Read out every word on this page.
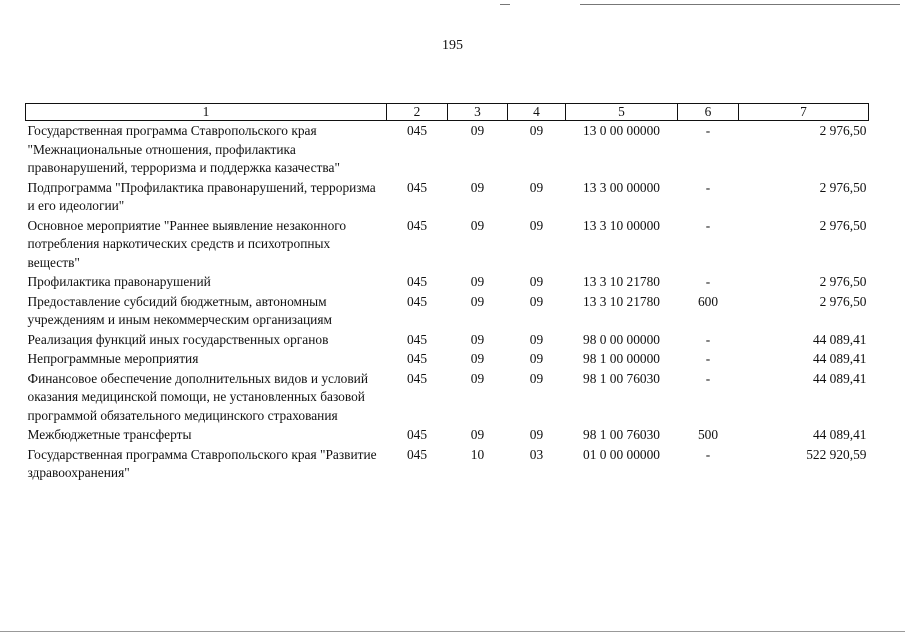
195
1	2	3	4	5	6	7
Государственная программа Ставропольского края "Межнациональные отношения, профилактика правонарушений, терроризма и поддержка казачества"	045	09	09	13 0 00 00000	-	2 976,50
Подпрограмма "Профилактика правонарушений, терроризма и его идеологии"	045	09	09	13 3 00 00000	-	2 976,50
Основное мероприятие "Раннее выявление незаконного потребления наркотических средств и психотропных веществ"	045	09	09	13 3 10 00000	-	2 976,50
Профилактика правонарушений	045	09	09	13 3 10 21780	-	2 976,50
Предоставление субсидий бюджетным, автономным учреждениям и иным некоммерческим организациям	045	09	09	13 3 10 21780	600	2 976,50
Реализация функций иных государственных органов	045	09	09	98 0 00 00000	-	44 089,41
Непрограммные мероприятия	045	09	09	98 1 00 00000	-	44 089,41
Финансовое обеспечение дополнительных видов и условий оказания медицинской помощи, не установленных базовой программой обязательного медицинского страхования	045	09	09	98 1 00 76030	-	44 089,41
Межбюджетные трансферты	045	09	09	98 1 00 76030	500	44 089,41
Государственная программа Ставропольского края "Развитие здравоохранения"	045	10	03	01 0 00 00000	-	522 920,59
